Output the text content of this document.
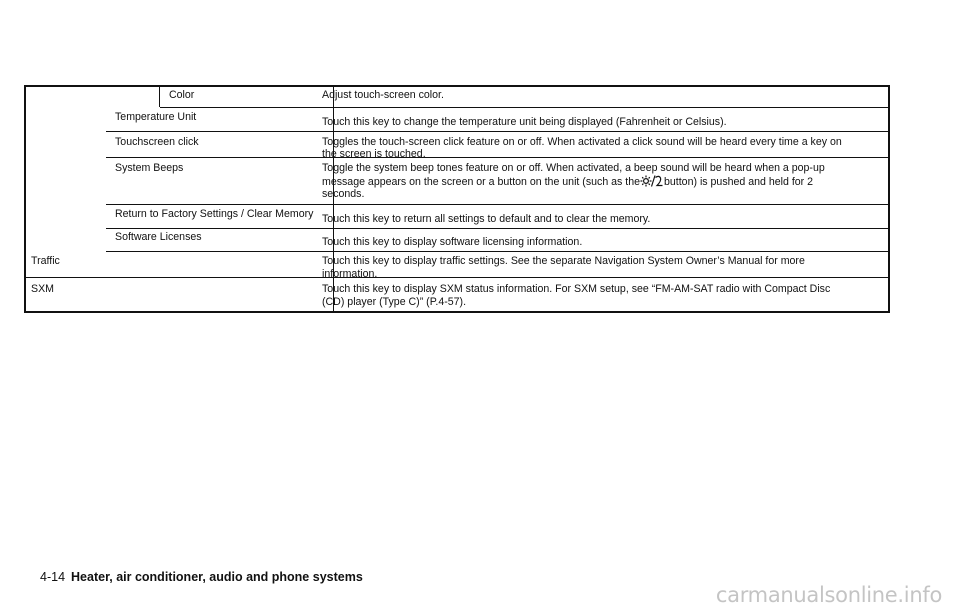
Color	Adjust touch-screen color.
Temperature Unit	Touch this key to change the temperature unit being displayed (Fahrenheit or Celsius).
Touchscreen click	Toggles the touch-screen click feature on or off. When activated a click sound will be heard every time a key on
the screen is touched.
System Beeps	Toggle the system beep tones feature on or off. When activated, a beep sound will be heard when a pop-up
message appears on the screen or a button on the unit (such as the button) is pushed and held for 2
seconds.
Return to Factory Settings / Clear Memory Touch this key to return all settings to default and to clear the memory.
Software Licenses	Touch this key to display software licensing information.
Traffic	Touch this key to display traffic settings. See the separate Navigation System Owner’s Manual for more
information.
SXM	Touch this key to display SXM status information. For SXM setup, see “FM-AM-SAT radio with Compact Disc
(CD) player (Type C)” (P.4-57).
4-14 Heater, air conditioner, audio and phone systems
carmanualsonline.info
